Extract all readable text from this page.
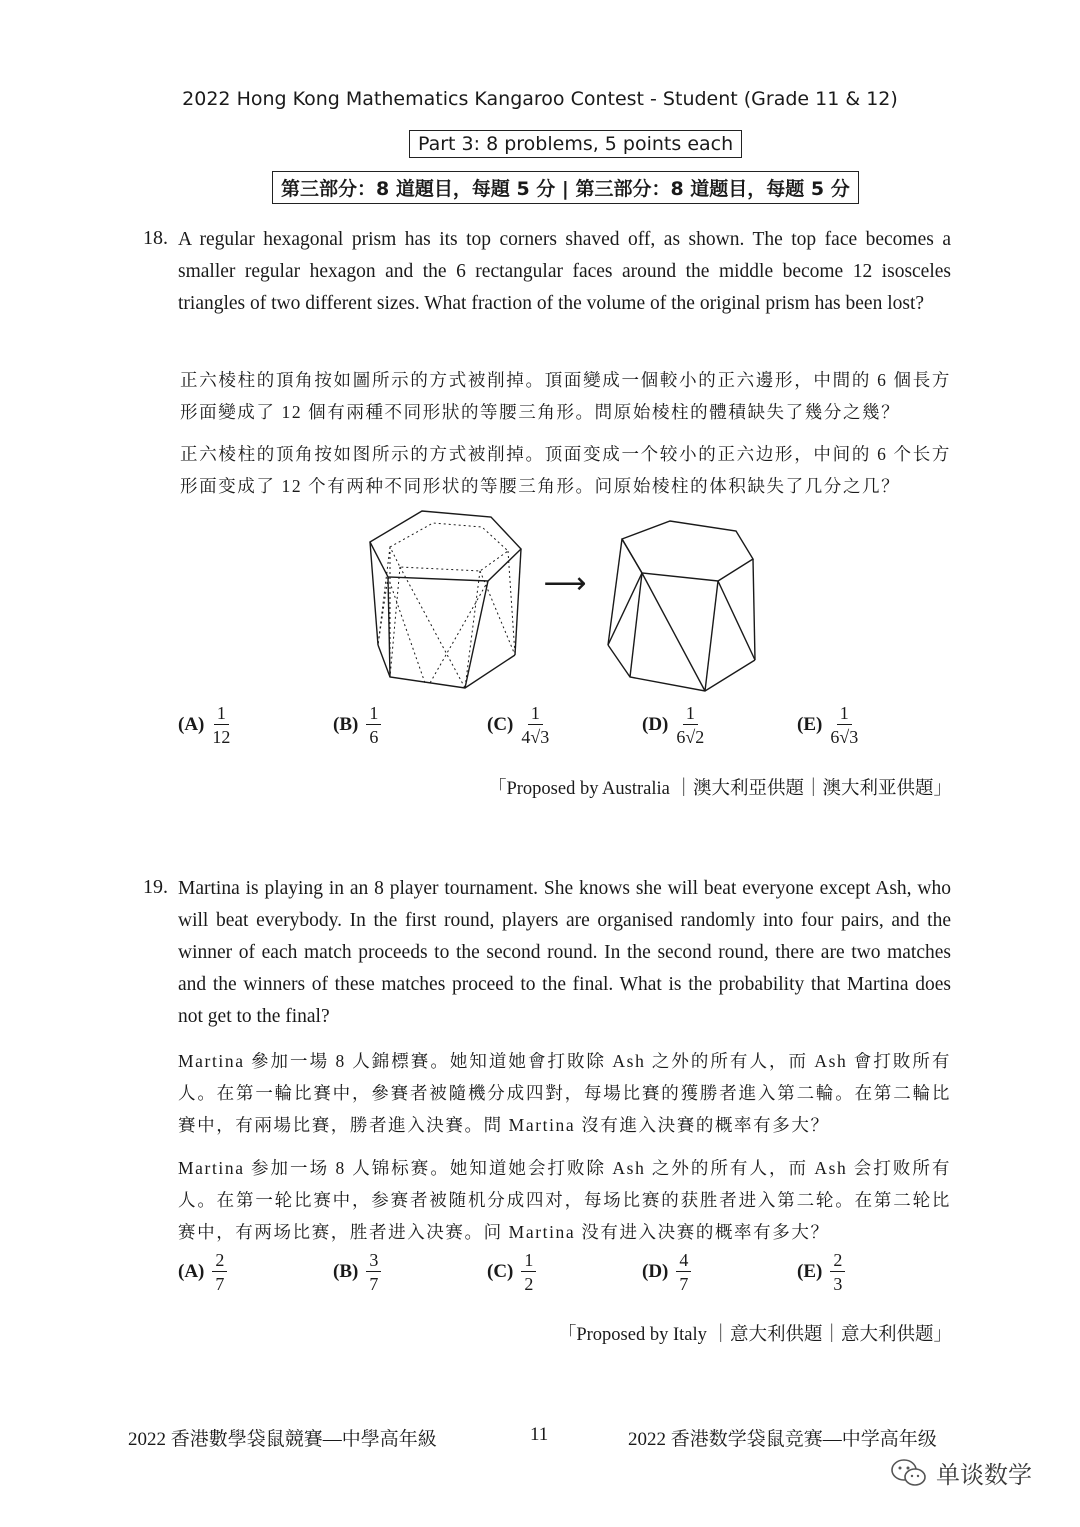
2022 Hong Kong Mathematics Kangaroo Contest - Student (Grade 11 & 12)
Part 3: 8 problems, 5 points each
第三部分：8 道題目，每題 5 分 | 第三部分：8 道题目，每题 5 分
18. A regular hexagonal prism has its top corners shaved off, as shown. The top face becomes a smaller regular hexagon and the 6 rectangular faces around the middle become 12 isosceles triangles of two different sizes. What fraction of the volume of the original prism has been lost?
正六棱柱的頂角按如圖所示的方式被削掉。頂面變成一個較小的正六邊形，中間的 6 個長方形面變成了 12 個有兩種不同形狀的等腰三角形。問原始棱柱的體積缺失了幾分之幾？
正六棱柱的顶角按如图所示的方式被削掉。顶面变成一个较小的正六边形，中间的 6 个长方形面变成了 12 个有两种不同形状的等腰三角形。问原始棱柱的体积缺失了几分之几？
⟶
$(A) \frac{1}{12}$	$(B) \frac{1}{6}$	$(C) \frac{1}{4√3}$	$(D) \frac{1}{6√2}$	$(E) \frac{1}{6√3}$
「Proposed by Australia ｜澳大利亞供題｜澳大利亚供題」
19. Martina is playing in an 8 player tournament. She knows she will beat everyone except Ash, who will beat everybody. In the first round, players are organised randomly into four pairs, and the winner of each match proceeds to the second round. In the second round, there are two matches and the winners of these matches proceed to the final. What is the probability that Martina does not get to the final?
Martina 參加一場 8 人錦標賽。她知道她會打敗除 Ash 之外的所有人，而 Ash 會打敗所有人。在第一輪比賽中，參賽者被隨機分成四對，每場比賽的獲勝者進入第二輪。在第二輪比賽中，有兩場比賽，勝者進入決賽。問 Martina 沒有進入決賽的概率有多大？
Martina 参加一场 8 人锦标赛。她知道她会打败除 Ash 之外的所有人，而 Ash 会打败所有人。在第一轮比赛中，参赛者被随机分成四对，每场比赛的获胜者进入第二轮。在第二轮比赛中，有两场比赛，胜者进入决赛。问 Martina 没有进入决赛的概率有多大？
$(A) \frac{2}{7}$	$(B) \frac{3}{7}$	$(C) \frac{1}{2}$	$(D) \frac{4}{7}$	$(E) \frac{2}{3}$
「Proposed by Italy ｜意大利供題｜意大利供题」
2022 香港數學袋鼠競賽—中學高年級	11	2022 香港数学袋鼠竞赛—中学高年级
单谈数学
